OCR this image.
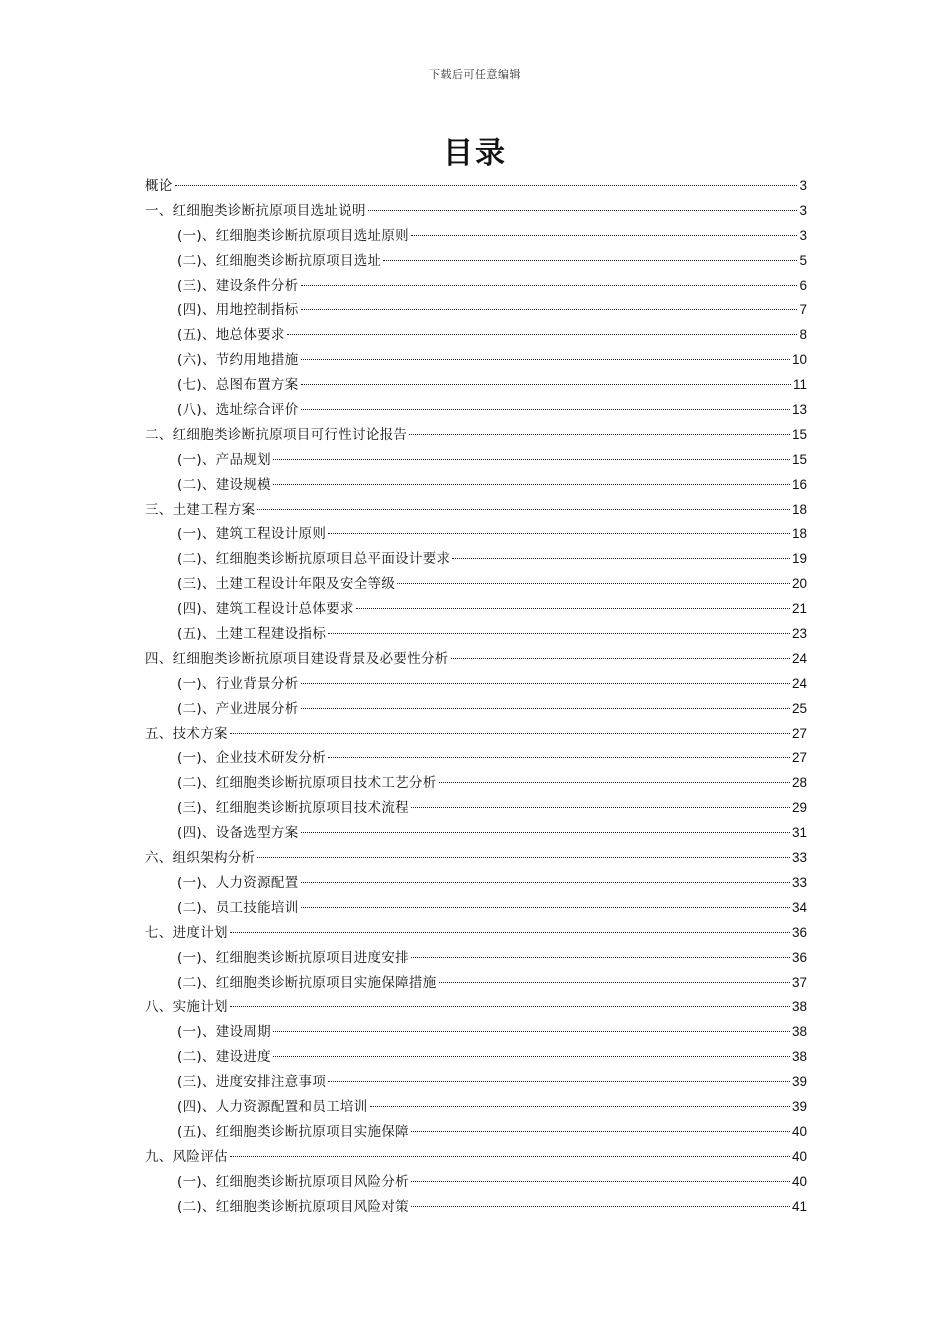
下载后可任意编辑
目录
概论	3
一、红细胞类诊断抗原项目选址说明	3
(一)、红细胞类诊断抗原项目选址原则	3
(二)、红细胞类诊断抗原项目选址	5
(三)、建设条件分析	6
(四)、用地控制指标	7
(五)、地总体要求	8
(六)、节约用地措施	10
(七)、总图布置方案	11
(八)、选址综合评价	13
二、红细胞类诊断抗原项目可行性讨论报告	15
(一)、产品规划	15
(二)、建设规模	16
三、土建工程方案	18
(一)、建筑工程设计原则	18
(二)、红细胞类诊断抗原项目总平面设计要求	19
(三)、土建工程设计年限及安全等级	20
(四)、建筑工程设计总体要求	21
(五)、土建工程建设指标	23
四、红细胞类诊断抗原项目建设背景及必要性分析	24
(一)、行业背景分析	24
(二)、产业进展分析	25
五、技术方案	27
(一)、企业技术研发分析	27
(二)、红细胞类诊断抗原项目技术工艺分析	28
(三)、红细胞类诊断抗原项目技术流程	29
(四)、设备选型方案	31
六、组织架构分析	33
(一)、人力资源配置	33
(二)、员工技能培训	34
七、进度计划	36
(一)、红细胞类诊断抗原项目进度安排	36
(二)、红细胞类诊断抗原项目实施保障措施	37
八、实施计划	38
(一)、建设周期	38
(二)、建设进度	38
(三)、进度安排注意事项	39
(四)、人力资源配置和员工培训	39
(五)、红细胞类诊断抗原项目实施保障	40
九、风险评估	40
(一)、红细胞类诊断抗原项目风险分析	40
(二)、红细胞类诊断抗原项目风险对策	41
